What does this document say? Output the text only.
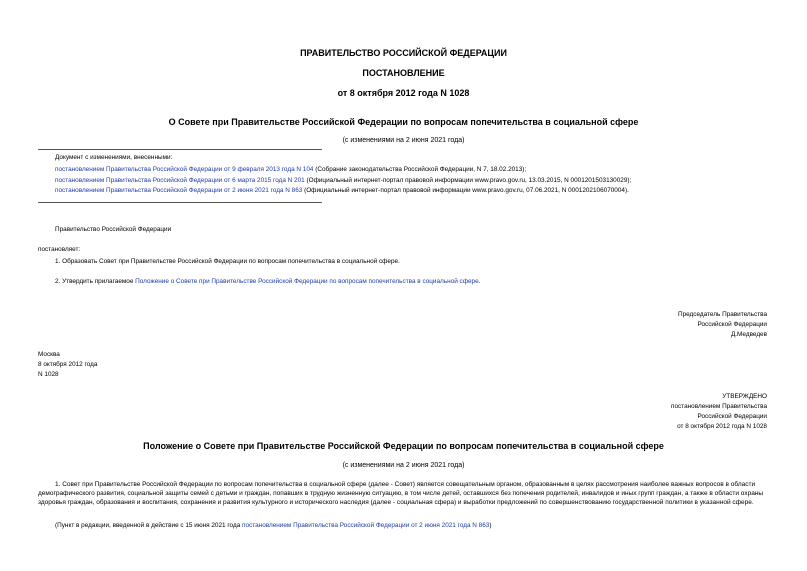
ПРАВИТЕЛЬСТВО РОССИЙСКОЙ ФЕДЕРАЦИИ
ПОСТАНОВЛЕНИЕ
от 8 октября 2012 года N 1028
О Совете при Правительстве Российской Федерации по вопросам попечительства в социальной сфере
(с изменениями на 2 июня 2021 года)
Документ с изменениями, внесенными:
постановлением Правительства Российской Федерации от 9 февраля 2013 года N 104 (Собрание законодательства Российской Федерации, N 7, 18.02.2013);
постановлением Правительства Российской Федерации от 6 марта 2015 года N 201 (Официальный интернет-портал правовой информации www.pravo.gov.ru, 13.03.2015, N 0001201503130029);
постановлением Правительства Российской Федерации от 2 июня 2021 года N 863 (Официальный интернет-портал правовой информации www.pravo.gov.ru, 07.06.2021, N 0001202106070004).
Правительство Российской Федерации
постановляет:
1. Образовать Совет при Правительстве Российской Федерации по вопросам попечительства в социальной сфере.
2. Утвердить прилагаемое Положение о Совете при Правительстве Российской Федерации по вопросам попечительства в социальной сфере.
Председатель Правительства
Российской Федерации
Д.Медведев
Москва
8 октября 2012 года
N 1028
УТВЕРЖДЕНО
постановлением Правительства
Российской Федерации
от 8 октября 2012 года N 1028
Положение о Совете при Правительстве Российской Федерации по вопросам попечительства в социальной сфере
(с изменениями на 2 июня 2021 года)
1. Совет при Правительстве Российской Федерации по вопросам попечительства в социальной сфере (далее - Совет) является совещательным органом, образованным в целях рассмотрения наиболее важных вопросов в области демографического развития, социальной защиты семей с детьми и граждан, попавших в трудную жизненную ситуацию, в том числе детей, оставшихся без попечения родителей, инвалидов и иных групп граждан, а также в области охраны здоровья граждан, образования и воспитания, сохранения и развития культурного и исторического наследия (далее - социальная сфера) и выработки предложений по совершенствованию государственной политики в указанной сфере.
(Пункт в редакции, введенной в действие с 15 июня 2021 года постановлением Правительства Российской Федерации от 2 июня 2021 года N 863)
